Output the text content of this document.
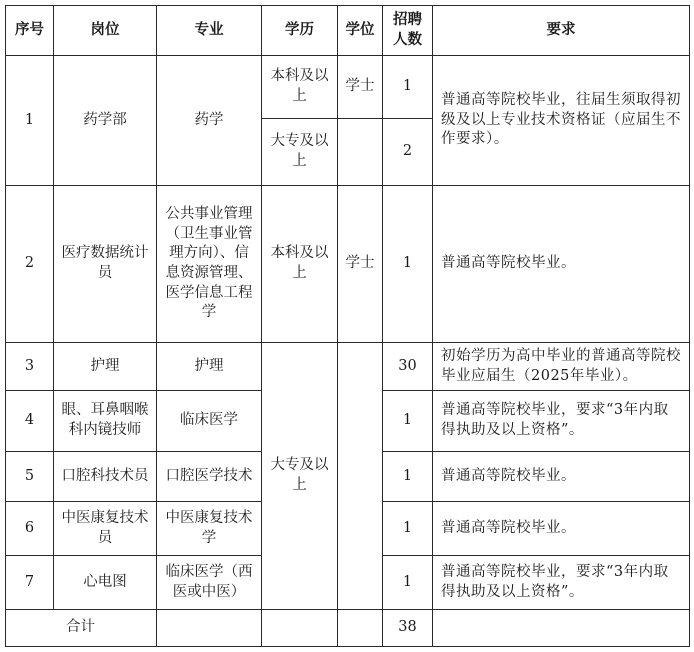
序号	岗位	专业	学历	学位	招聘人数	要求
1	药学部	药学	本科及以上	学士	1	普通高等院校毕业，往届生须取得初级及以上专业技术资格证（应届生不作要求）。
			大专及以上		2	
2	医疗数据统计员	公共事业管理（卫生事业管理方向）、信息资源管理、医学信息工程学	本科及以上	学士	1	普通高等院校毕业。
3	护理	护理	大专及以上		30	初始学历为高中毕业的普通高等院校毕业应届生（2025年毕业）。
4	眼、耳鼻咽喉科内镜技师	临床医学			1	普通高等院校毕业，要求“3年内取得执助及以上资格”。
5	口腔科技术员	口腔医学技术			1	普通高等院校毕业。
6	中医康复技术员	中医康复技术学			1	普通高等院校毕业。
7	心电图	临床医学（西医或中医）			1	普通高等院校毕业，要求“3年内取得执助及以上资格”。
合计					38	
